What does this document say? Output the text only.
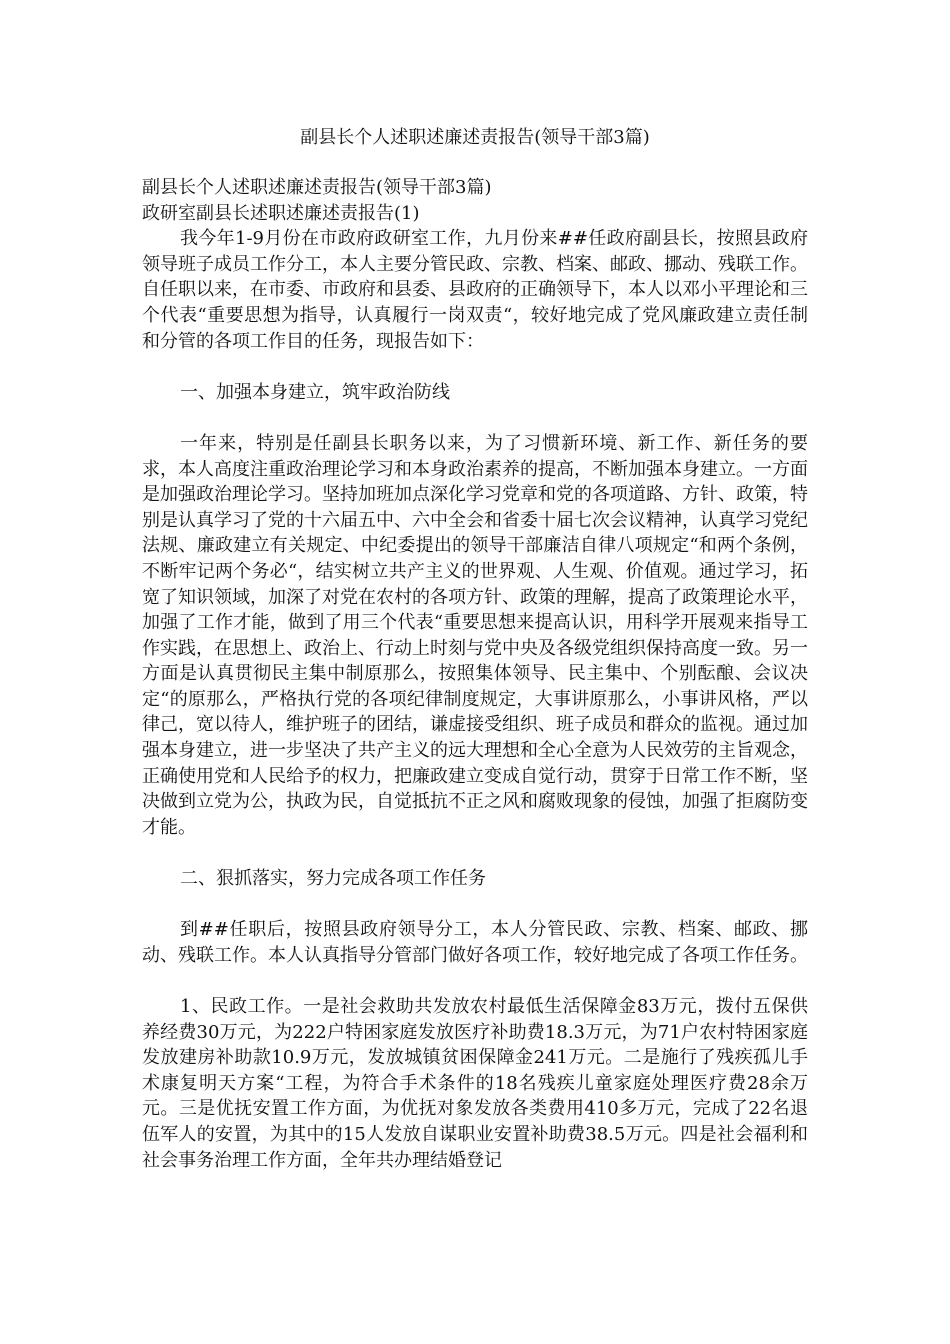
副县长个人述职述廉述责报告(领导干部3篇)

副县长个人述职述廉述责报告(领导干部3篇)

政研室副县长述职述廉述责报告(1)

我今年1-9月份在市政府政研室工作，九月份来##任政府副县长，按照县政府领导班子成员工作分工，本人主要分管民政、宗教、档案、邮政、挪动、残联工作。自任职以来，在市委、市政府和县委、县政府的正确领导下，本人以邓小平理论和三个代表“重要思想为指导，认真履行一岗双责“，较好地完成了党风廉政建立责任制和分管的各项工作目的任务，现报告如下：

一、加强本身建立，筑牢政治防线

一年来，特别是任副县长职务以来，为了习惯新环境、新工作、新任务的要求，本人高度注重政治理论学习和本身政治素养的提高，不断加强本身建立。一方面是加强政治理论学习。坚持加班加点深化学习党章和党的各项道路、方针、政策，特别是认真学习了党的十六届五中、六中全会和省委十届七次会议精神，认真学习党纪法规、廉政建立有关规定、中纪委提出的领导干部廉洁自律八项规定“和两个条例，不断牢记两个务必“，结实树立共产主义的世界观、人生观、价值观。通过学习，拓宽了知识领域，加深了对党在农村的各项方针、政策的理解，提高了政策理论水平，加强了工作才能，做到了用三个代表“重要思想来提高认识，用科学开展观来指导工作实践，在思想上、政治上、行动上时刻与党中央及各级党组织保持高度一致。另一方面是认真贯彻民主集中制原那么，按照集体领导、民主集中、个别酝酿、会议决定“的原那么，严格执行党的各项纪律制度规定，大事讲原那么，小事讲风格，严以律己，宽以待人，维护班子的团结，谦虚接受组织、班子成员和群众的监视。通过加强本身建立，进一步坚决了共产主义的远大理想和全心全意为人民效劳的主旨观念，正确使用党和人民给予的权力，把廉政建立变成自觉行动，贯穿于日常工作不断，坚决做到立党为公，执政为民，自觉抵抗不正之风和腐败现象的侵蚀，加强了拒腐防变才能。

二、狠抓落实，努力完成各项工作任务

到##任职后，按照县政府领导分工，本人分管民政、宗教、档案、邮政、挪动、残联工作。本人认真指导分管部门做好各项工作，较好地完成了各项工作任务。

1、民政工作。一是社会救助共发放农村最低生活保障金83万元，拨付五保供养经费30万元，为222户特困家庭发放医疗补助费18.3万元，为71户农村特困家庭发放建房补助款10.9万元，发放城镇贫困保障金241万元。二是施行了残疾孤儿手术康复明天方案“工程，为符合手术条件的18名残疾儿童家庭处理医疗费28余万元。三是优抚安置工作方面，为优抚对象发放各类费用410多万元，完成了22名退伍军人的安置，为其中的15人发放自谋职业安置补助费38.5万元。四是社会福利和社会事务治理工作方面，全年共办理结婚登记
